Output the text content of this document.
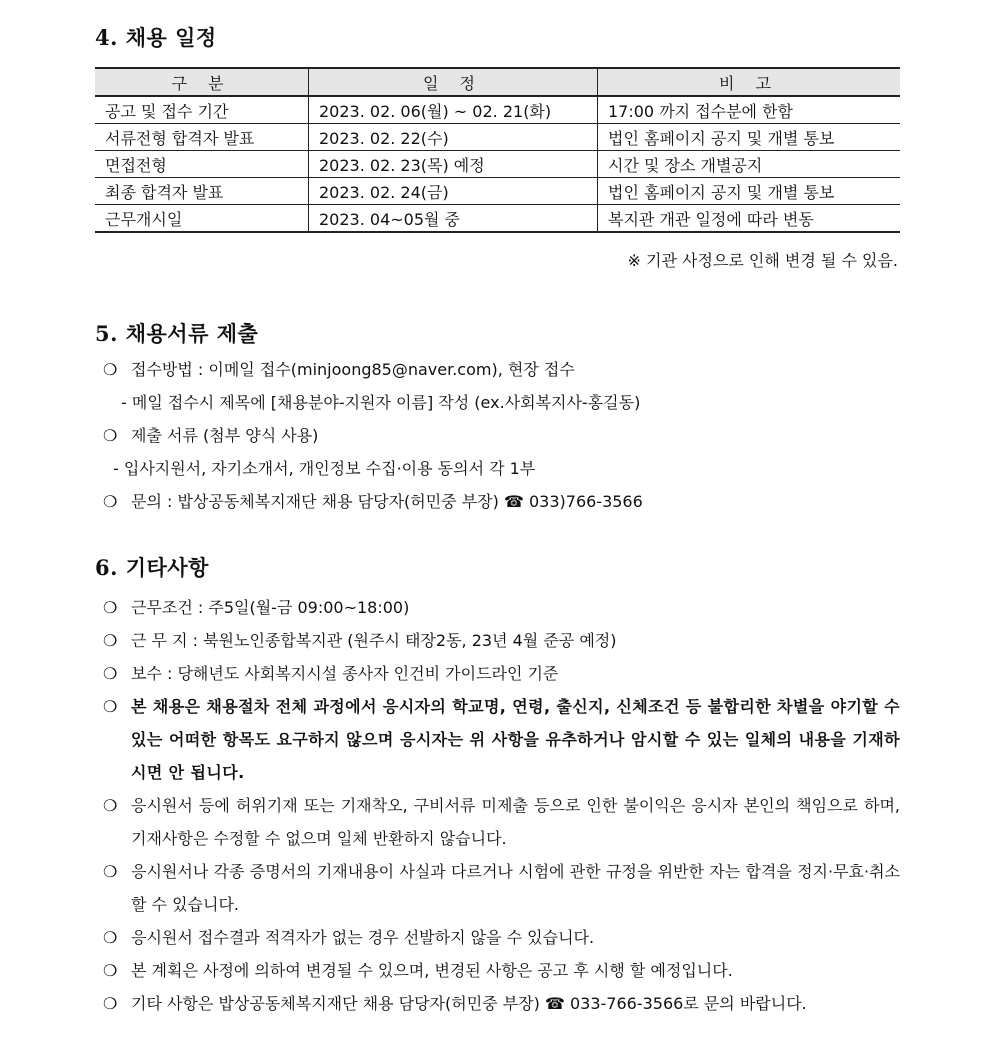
4. 채용 일정
구 분	일 정	비 고
공고 및 접수 기간	2023. 02. 06(월) ~ 02. 21(화)	17:00 까지 접수분에 한함
서류전형 합격자 발표	2023. 02. 22(수)	법인 홈페이지 공지 및 개별 통보
면접전형	2023. 02. 23(목) 예정	시간 및 장소 개별공지
최종 합격자 발표	2023. 02. 24(금)	법인 홈페이지 공지 및 개별 통보
근무개시일	2023. 04~05월 중	복지관 개관 일정에 따라 변동
※ 기관 사정으로 인해 변경 될 수 있음.
5. 채용서류 제출
❍ 접수방법 : 이메일 접수(minjoong85@naver.com), 현장 접수
- 메일 접수시 제목에 [채용분야-지원자 이름] 작성 (ex.사회복지사-홍길동)
❍ 제출 서류 (첨부 양식 사용)
- 입사지원서, 자기소개서, 개인정보 수집·이용 동의서 각 1부
❍ 문의 : 밥상공동체복지재단 채용 담당자(허민중 부장) ☎ 033)766-3566
6. 기타사항
❍ 근무조건 : 주5일(월-금 09:00~18:00)
❍ 근 무 지 : 북원노인종합복지관 (원주시 태장2동, 23년 4월 준공 예정)
❍ 보수 : 당해년도 사회복지시설 종사자 인건비 가이드라인 기준
❍ 본 채용은 채용절차 전체 과정에서 응시자의 학교명, 연령, 출신지, 신체조건 등 불합리한 차별을 야기할 수 있는 어떠한 항목도 요구하지 않으며 응시자는 위 사항을 유추하거나 암시할 수 있는 일체의 내용을 기재하시면 안 됩니다.
❍ 응시원서 등에 허위기재 또는 기재착오, 구비서류 미제출 등으로 인한 불이익은 응시자 본인의 책임으로 하며, 기재사항은 수정할 수 없으며 일체 반환하지 않습니다.
❍ 응시원서나 각종 증명서의 기재내용이 사실과 다르거나 시험에 관한 규정을 위반한 자는 합격을 정지·무효·취소할 수 있습니다.
❍ 응시원서 접수결과 적격자가 없는 경우 선발하지 않을 수 있습니다.
❍ 본 계획은 사정에 의하여 변경될 수 있으며, 변경된 사항은 공고 후 시행 할 예정입니다.
❍ 기타 사항은 밥상공동체복지재단 채용 담당자(허민중 부장) ☎ 033-766-3566로 문의 바랍니다.
